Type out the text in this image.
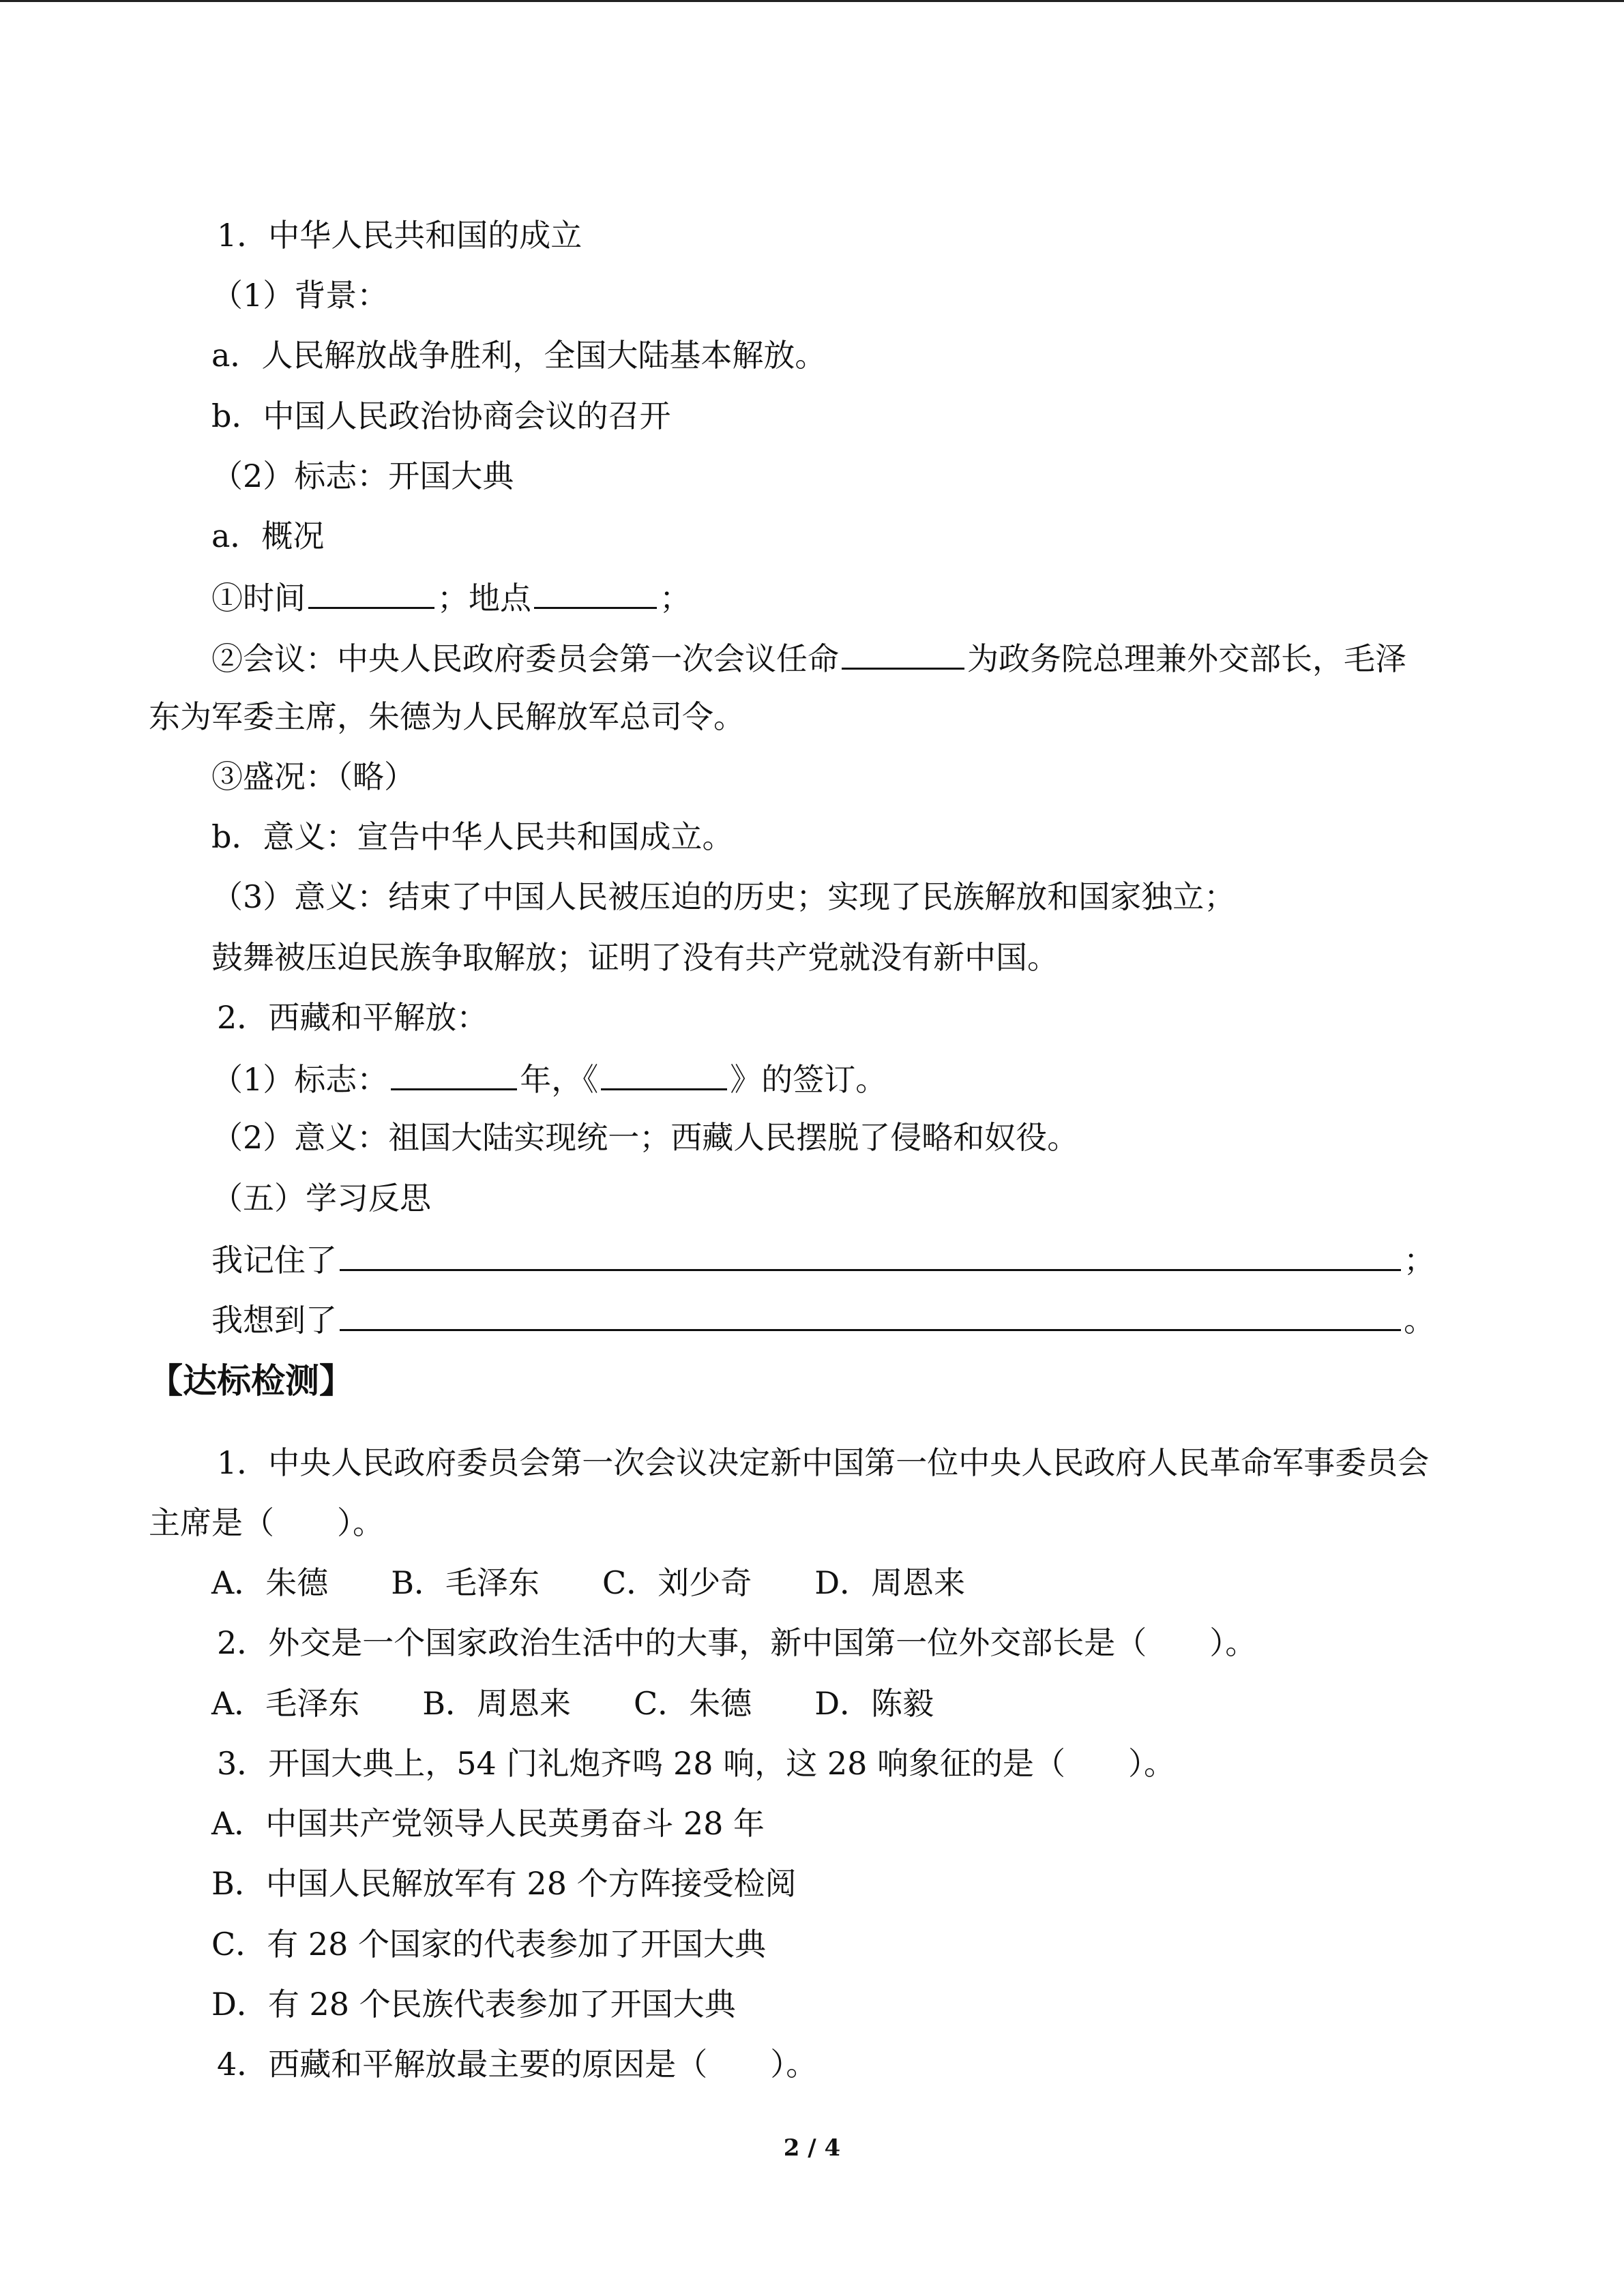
1．中华人民共和国的成立
（1）背景：
a．人民解放战争胜利，全国大陆基本解放。
b．中国人民政治协商会议的召开
（2）标志：开国大典
a．概况
①时间	；地点	；
②会议：中央人民政府委员会第一次会议任命	为政务院总理兼外交部长，毛泽
东为军委主席，朱德为人民解放军总司令。
③盛况：（略）
b．意义：宣告中华人民共和国成立。
（3）意义：结束了中国人民被压迫的历史；实现了民族解放和国家独立；
鼓舞被压迫民族争取解放；证明了没有共产党就没有新中国。
2．西藏和平解放：
（1）标志：	年，《	》的签订。
（2）意义：祖国大陆实现统一；西藏人民摆脱了侵略和奴役。
（五）学习反思
我记住了	；
我想到了	。
【达标检测】
1．中央人民政府委员会第一次会议决定新中国第一位中央人民政府人民革命军事委员会
主席是（　　）。
A．朱德　　B．毛泽东　　C．刘少奇　　D．周恩来
2．外交是一个国家政治生活中的大事，新中国第一位外交部长是（　　）。
A．毛泽东　　B．周恩来　　C．朱德　　D．陈毅
3．开国大典上，54 门礼炮齐鸣 28 响，这 28 响象征的是（　　）。
A．中国共产党领导人民英勇奋斗 28 年
B．中国人民解放军有 28 个方阵接受检阅
C．有 28 个国家的代表参加了开国大典
D．有 28 个民族代表参加了开国大典
4．西藏和平解放最主要的原因是（　　）。
2 / 4
